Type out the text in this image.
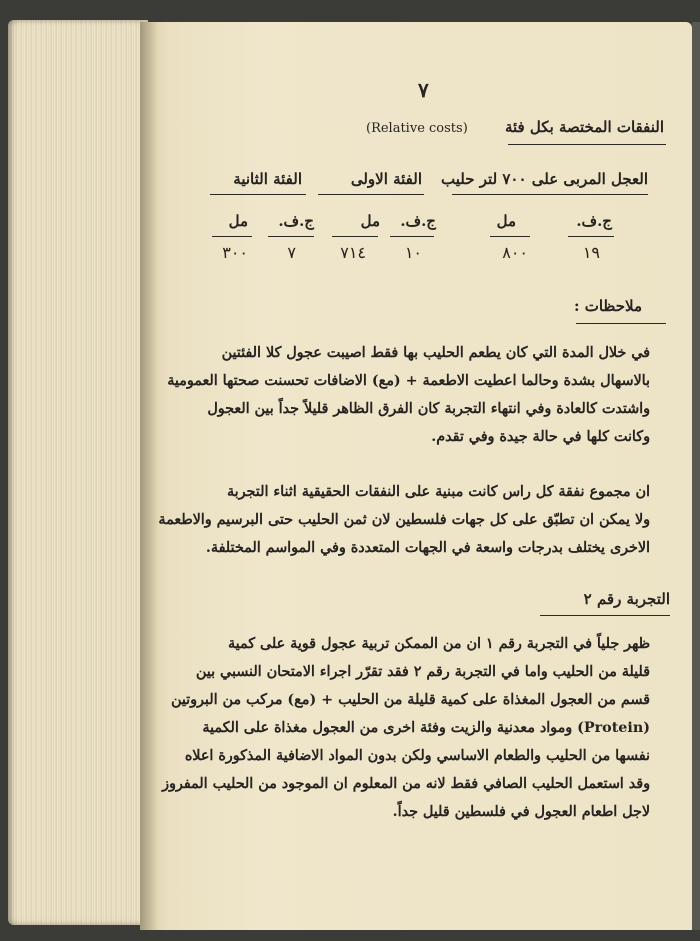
٧
النفقات المختصة بكل فئة
(Relative costs)
العجل المربى على ٧٠٠ لتر حليب
الفئة الاولى
الفئة الثانية
ج.ف.
مل
ج.ف.
مل
ج.ف.
مل
١٩
٨٠٠
١٠
٧١٤
٧
٣٠٠
ملاحظات :
في خلال المدة التي كان يطعم الحليب بها فقط اصيبت عجول كلا الفئتين
بالاسهال بشدة وحالما اعطيت الاطعمة + (مع) الاضافات تحسنت صحتها العمومية
واشتدت كالعادة وفي انتهاء التجربة كان الفرق الظاهر قليلاً جداً بين العجول
وكانت كلها في حالة جيدة وفي تقدم.
ان مجموع نفقة كل راس كانت مبنية على النفقات الحقيقية اثناء التجربة
ولا يمكن ان تطبّق على كل جهات فلسطين لان ثمن الحليب حتى البرسيم والاطعمة
الاخرى يختلف بدرجات واسعة في الجهات المتعددة وفي المواسم المختلفة.
التجربة رقم ٢
ظهر جلياً في التجربة رقم ١ ان من الممكن تربية عجول قوية على كمية
قليلة من الحليب واما في التجربة رقم ٢ فقد تقرّر اجراء الامتحان النسبي بين
قسم من العجول المغذاة على كمية قليلة من الحليب + (مع) مركب من البروتين
(Protein) ومواد معدنية والزيت وفئة اخرى من العجول مغذاة على الكمية
نفسها من الحليب والطعام الاساسي ولكن بدون المواد الاضافية المذكورة اعلاه
وقد استعمل الحليب الصافي فقط لانه من المعلوم ان الموجود من الحليب المفروز
لاجل اطعام العجول في فلسطين قليل جداً.
